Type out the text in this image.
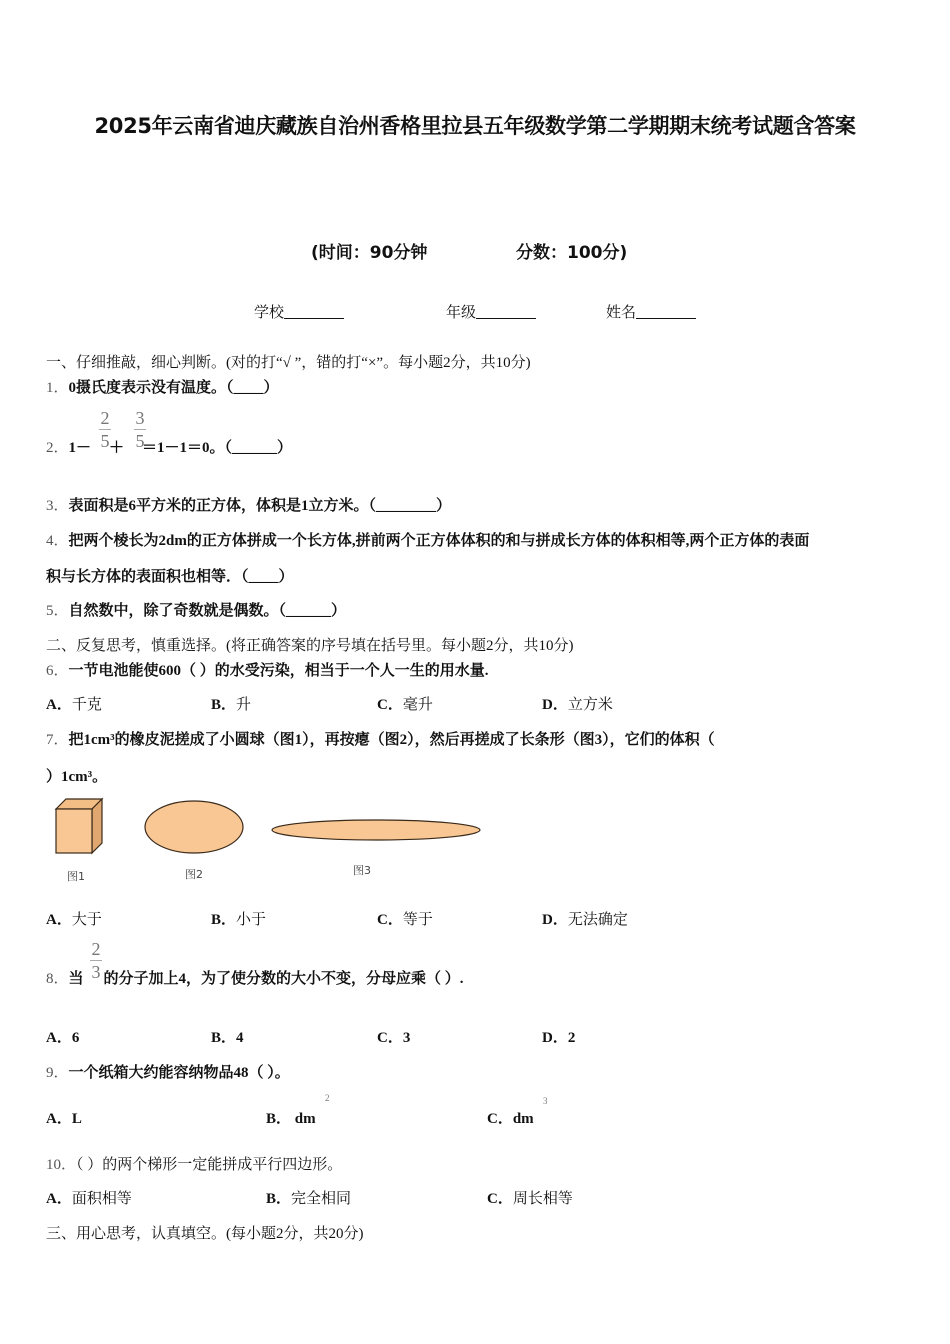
2025年云南省迪庆藏族自治州香格里拉县五年级数学第二学期期末统考试题含答案
(时间：90分钟	分数：100分)
学校	年级	姓名
一、仔细推敲，细心判断。(对的打“√ ”，错的打“×”。每小题2分，共10分)
1．0摄氏度表示没有温度。（____）
2
5
3
5
2．1－ ＋ ＝1－1＝0。（______）
3．表面积是6平方米的正方体，体积是1立方米。（________）
4．把两个棱长为2dm的正方体拼成一个长方体,拼前两个正方体体积的和与拼成长方体的体积相等,两个正方体的表面
积与长方体的表面积也相等．（____）
5．自然数中，除了奇数就是偶数。（______）
二、反复思考，慎重选择。(将正确答案的序号填在括号里。每小题2分，共10分)
6．一节电池能使600（ ）的水受污染，相当于一个人一生的用水量.
A．千克	B．升	C．毫升	D．立方米
7．把1cm³的橡皮泥搓成了小圆球（图1），再按瘪（图2），然后再搓成了长条形（图3），它们的体积（
）1cm³。
图1	图2	图3
A．大于	B．小于	C．等于	D．无法确定
2
3
8．当 的分子加上4，为了使分数的大小不变，分母应乘（ ）.
A．6	B．4	C．3	D．2
9．一个纸箱大约能容纳物品48（ ）。
A．L	B． dm
2
C．dm
3
10．（ ）的两个梯形一定能拼成平行四边形。
A．面积相等	B．完全相同	C．周长相等
三、用心思考，认真填空。(每小题2分，共20分)
